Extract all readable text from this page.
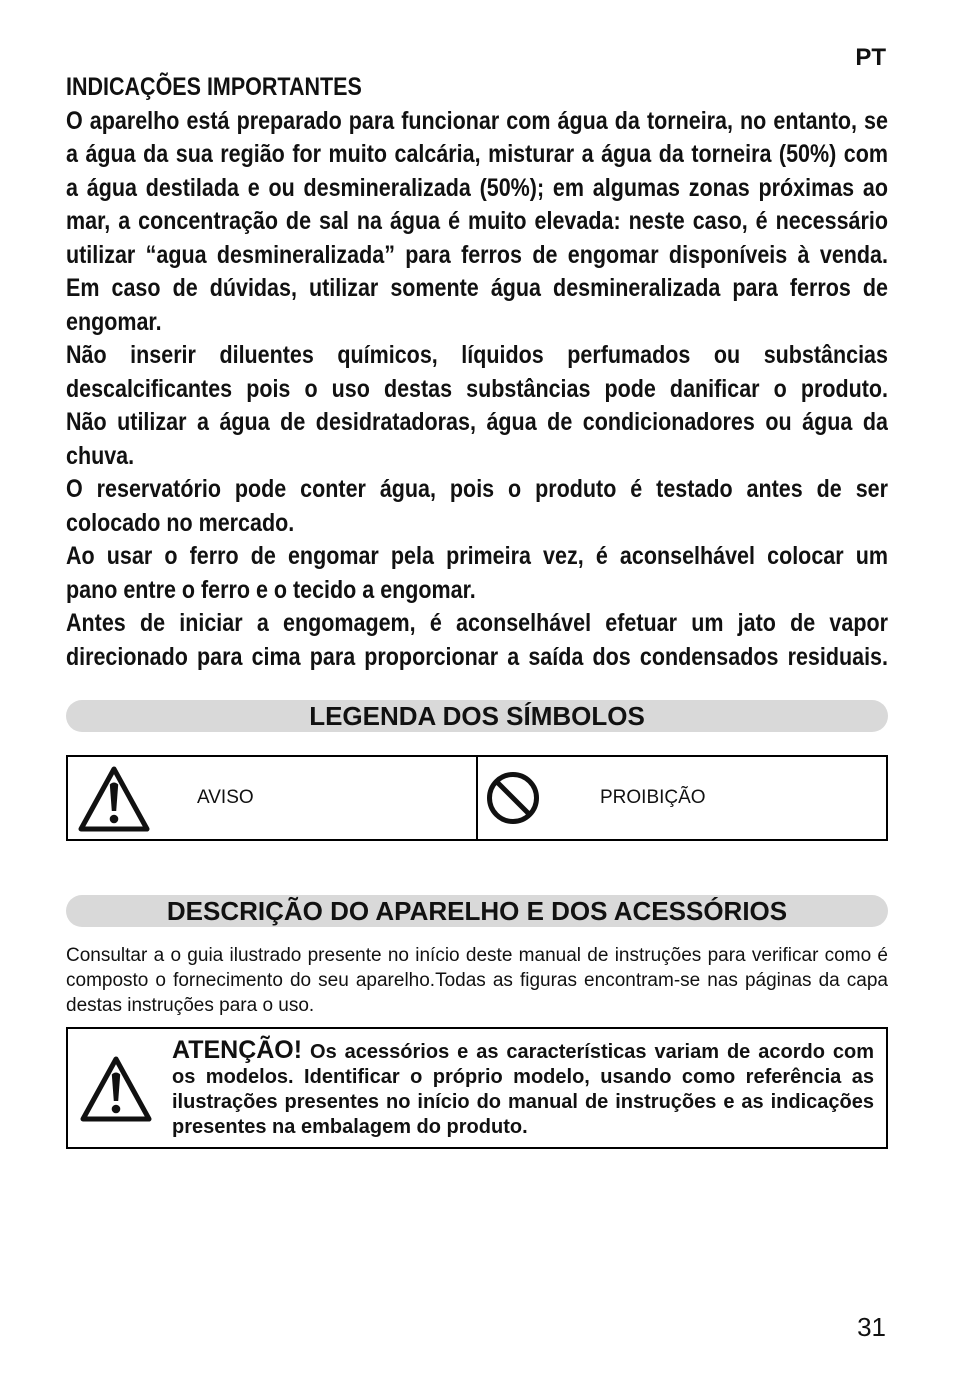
PT
INDICAÇÕES IMPORTANTES
O aparelho está preparado para funcionar com água da torneira, no entanto, se
a água da sua região for muito calcária, misturar a água da torneira (50%) com
a água destilada e ou desmineralizada (50%); em algumas zonas próximas ao
mar, a concentração de sal na água é muito elevada: neste caso, é necessário
utilizar “agua desmineralizada” para ferros de engomar disponíveis à venda.
Em caso de dúvidas, utilizar somente água desmineralizada para ferros de
engomar.
Não inserir diluentes químicos, líquidos perfumados ou substâncias
descalcificantes pois o uso destas substâncias pode danificar o produto.
Não utilizar a água de desidratadoras, água de condicionadores ou água da
chuva.
O reservatório pode conter água, pois o produto é testado antes de ser
colocado no mercado.
Ao usar o ferro de engomar pela primeira vez, é aconselhável colocar um
pano entre o ferro e o tecido a engomar.
Antes de iniciar a engomagem, é aconselhável efetuar um jato de vapor
direcionado para cima para proporcionar a saída dos condensados residuais.
LEGENDA DOS SÍMBOLOS
AVISO	PROIBIÇÃO
DESCRIÇÃO DO APARELHO E DOS ACESSÓRIOS
Consultar a o guia ilustrado presente no início deste manual de instruções para verificar como é
composto o fornecimento do seu aparelho.Todas as figuras encontram-se nas páginas da capa
destas instruções para o uso.
ATENÇÃO! Os acessórios e as características variam de acordo com
os modelos. Identificar o próprio modelo, usando como referência as
ilustrações presentes no início do manual de instruções e as indicações
presentes na embalagem do produto.
31
